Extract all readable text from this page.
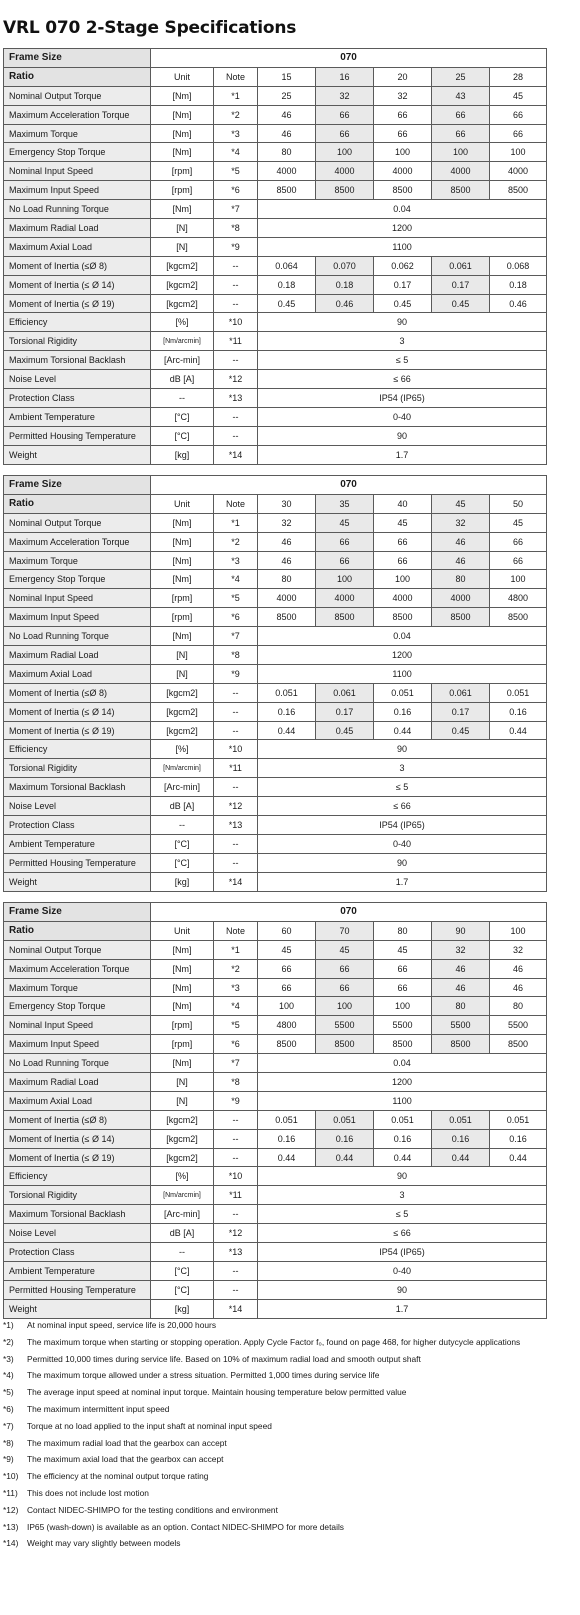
VRL 070 2-Stage Specifications
Frame Size	070						
Ratio	Unit	Note	15	16	20	25	28
Nominal Output Torque	[Nm]	*1	25	32	32	43	45
Maximum Acceleration Torque	[Nm]	*2	46	66	66	66	66
Maximum Torque	[Nm]	*3	46	66	66	66	66
Emergency Stop Torque	[Nm]	*4	80	100	100	100	100
Nominal Input Speed	[rpm]	*5	4000	4000	4000	4000	4000
Maximum Input Speed	[rpm]	*6	8500	8500	8500	8500	8500
No Load Running Torque	[Nm]	*7	0.04				
Maximum Radial Load	[N]	*8	1200				
Maximum Axial Load	[N]	*9	1100				
Moment of Inertia (≤Ø 8)	[kgcm2]	--	0.064	0.070	0.062	0.061	0.068
Moment of Inertia (≤ Ø 14)	[kgcm2]	--	0.18	0.18	0.17	0.17	0.18
Moment of Inertia (≤ Ø 19)	[kgcm2]	--	0.45	0.46	0.45	0.45	0.46
Efficiency	[%]	*10	90				
Torsional Rigidity	[Nm/arcmin]	*11	3				
Maximum Torsional Backlash	[Arc-min]	--	≤ 5				
Noise Level	dB [A]	*12	≤ 66				
Protection Class	--	*13	IP54 (IP65)				
Ambient Temperature	[°C]	--	0-40				
Permitted Housing Temperature	[°C]	--	90				
Weight	[kg]	*14	1.7				
Frame Size	070						
Ratio	Unit	Note	30	35	40	45	50
Nominal Output Torque	[Nm]	*1	32	45	45	32	45
Maximum Acceleration Torque	[Nm]	*2	46	66	66	46	66
Maximum Torque	[Nm]	*3	46	66	66	46	66
Emergency Stop Torque	[Nm]	*4	80	100	100	80	100
Nominal Input Speed	[rpm]	*5	4000	4000	4000	4000	4800
Maximum Input Speed	[rpm]	*6	8500	8500	8500	8500	8500
No Load Running Torque	[Nm]	*7	0.04				
Maximum Radial Load	[N]	*8	1200				
Maximum Axial Load	[N]	*9	1100				
Moment of Inertia (≤Ø 8)	[kgcm2]	--	0.051	0.061	0.051	0.061	0.051
Moment of Inertia (≤ Ø 14)	[kgcm2]	--	0.16	0.17	0.16	0.17	0.16
Moment of Inertia (≤ Ø 19)	[kgcm2]	--	0.44	0.45	0.44	0.45	0.44
Efficiency	[%]	*10	90				
Torsional Rigidity	[Nm/arcmin]	*11	3				
Maximum Torsional Backlash	[Arc-min]	--	≤ 5				
Noise Level	dB [A]	*12	≤ 66				
Protection Class	--	*13	IP54 (IP65)				
Ambient Temperature	[°C]	--	0-40				
Permitted Housing Temperature	[°C]	--	90				
Weight	[kg]	*14	1.7				
Frame Size	070						
Ratio	Unit	Note	60	70	80	90	100
Nominal Output Torque	[Nm]	*1	45	45	45	32	32
Maximum Acceleration Torque	[Nm]	*2	66	66	66	46	46
Maximum Torque	[Nm]	*3	66	66	66	46	46
Emergency Stop Torque	[Nm]	*4	100	100	100	80	80
Nominal Input Speed	[rpm]	*5	4800	5500	5500	5500	5500
Maximum Input Speed	[rpm]	*6	8500	8500	8500	8500	8500
No Load Running Torque	[Nm]	*7	0.04				
Maximum Radial Load	[N]	*8	1200				
Maximum Axial Load	[N]	*9	1100				
Moment of Inertia (≤Ø 8)	[kgcm2]	--	0.051	0.051	0.051	0.051	0.051
Moment of Inertia (≤ Ø 14)	[kgcm2]	--	0.16	0.16	0.16	0.16	0.16
Moment of Inertia (≤ Ø 19)	[kgcm2]	--	0.44	0.44	0.44	0.44	0.44
Efficiency	[%]	*10	90				
Torsional Rigidity	[Nm/arcmin]	*11	3				
Maximum Torsional Backlash	[Arc-min]	--	≤ 5				
Noise Level	dB [A]	*12	≤ 66				
Protection Class	--	*13	IP54 (IP65)				
Ambient Temperature	[°C]	--	0-40				
Permitted Housing Temperature	[°C]	--	90				
Weight	[kg]	*14	1.7				
*1)	At nominal input speed, service life is 20,000 hours
*2)	The maximum torque when starting or stopping operation. Apply Cycle Factor f₀, found on page 468, for higher dutycycle applications
*3)	Permitted 10,000 times during service life. Based on 10% of maximum radial load and smooth output shaft
*4)	The maximum torque allowed under a stress situation. Permitted 1,000 times during service life
*5)	The average input speed at nominal input torque. Maintain housing temperature below permitted value
*6)	The maximum intermittent input speed
*7)	Torque at no load applied to the input shaft at nominal input speed
*8)	The maximum radial load that the gearbox can accept
*9)	The maximum axial load that the gearbox can accept
*10)	The efficiency at the nominal output torque rating
*11)	This does not include lost motion
*12)	Contact NIDEC-SHIMPO for the testing conditions and environment
*13)	IP65 (wash-down) is available as an option. Contact NIDEC-SHIMPO for more details
*14)	Weight may vary slightly between models
